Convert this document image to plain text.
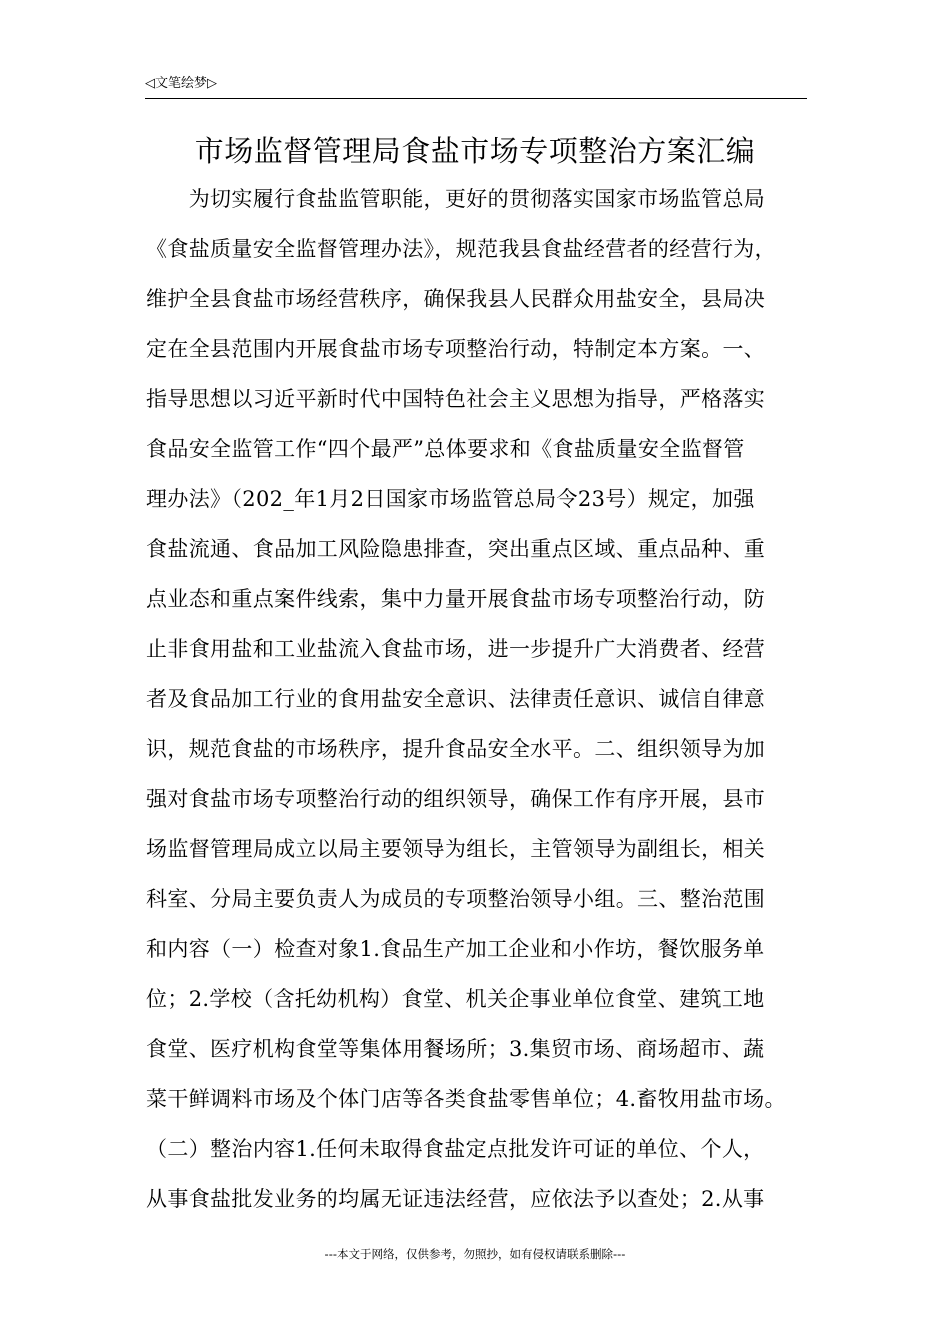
◁文笔绘梦▷
市场监督管理局食盐市场专项整治方案汇编
　　为切实履行食盐监管职能，更好的贯彻落实国家市场监管总局
《食盐质量安全监督管理办法》，规范我县食盐经营者的经营行为，
维护全县食盐市场经营秩序，确保我县人民群众用盐安全，县局决
定在全县范围内开展食盐市场专项整治行动，特制定本方案。一、
指导思想以习近平新时代中国特色社会主义思想为指导，严格落实
食品安全监管工作“四个最严”总体要求和《食盐质量安全监督管
理办法》（202_年1月2日国家市场监管总局令23号）规定，加强
食盐流通、食品加工风险隐患排查，突出重点区域、重点品种、重
点业态和重点案件线索，集中力量开展食盐市场专项整治行动，防
止非食用盐和工业盐流入食盐市场，进一步提升广大消费者、经营
者及食品加工行业的食用盐安全意识、法律责任意识、诚信自律意
识，规范食盐的市场秩序，提升食品安全水平。二、组织领导为加
强对食盐市场专项整治行动的组织领导，确保工作有序开展，县市
场监督管理局成立以局主要领导为组长，主管领导为副组长，相关
科室、分局主要负责人为成员的专项整治领导小组。三、整治范围
和内容（一）检查对象1.食品生产加工企业和小作坊，餐饮服务单
位；2.学校（含托幼机构）食堂、机关企事业单位食堂、建筑工地
食堂、医疗机构食堂等集体用餐场所；3.集贸市场、商场超市、蔬
菜干鲜调料市场及个体门店等各类食盐零售单位；4.畜牧用盐市场。
（二）整治内容1.任何未取得食盐定点批发许可证的单位、个人，
从事食盐批发业务的均属无证违法经营，应依法予以查处；2.从事
---本文于网络，仅供参考，勿照抄，如有侵权请联系删除---
